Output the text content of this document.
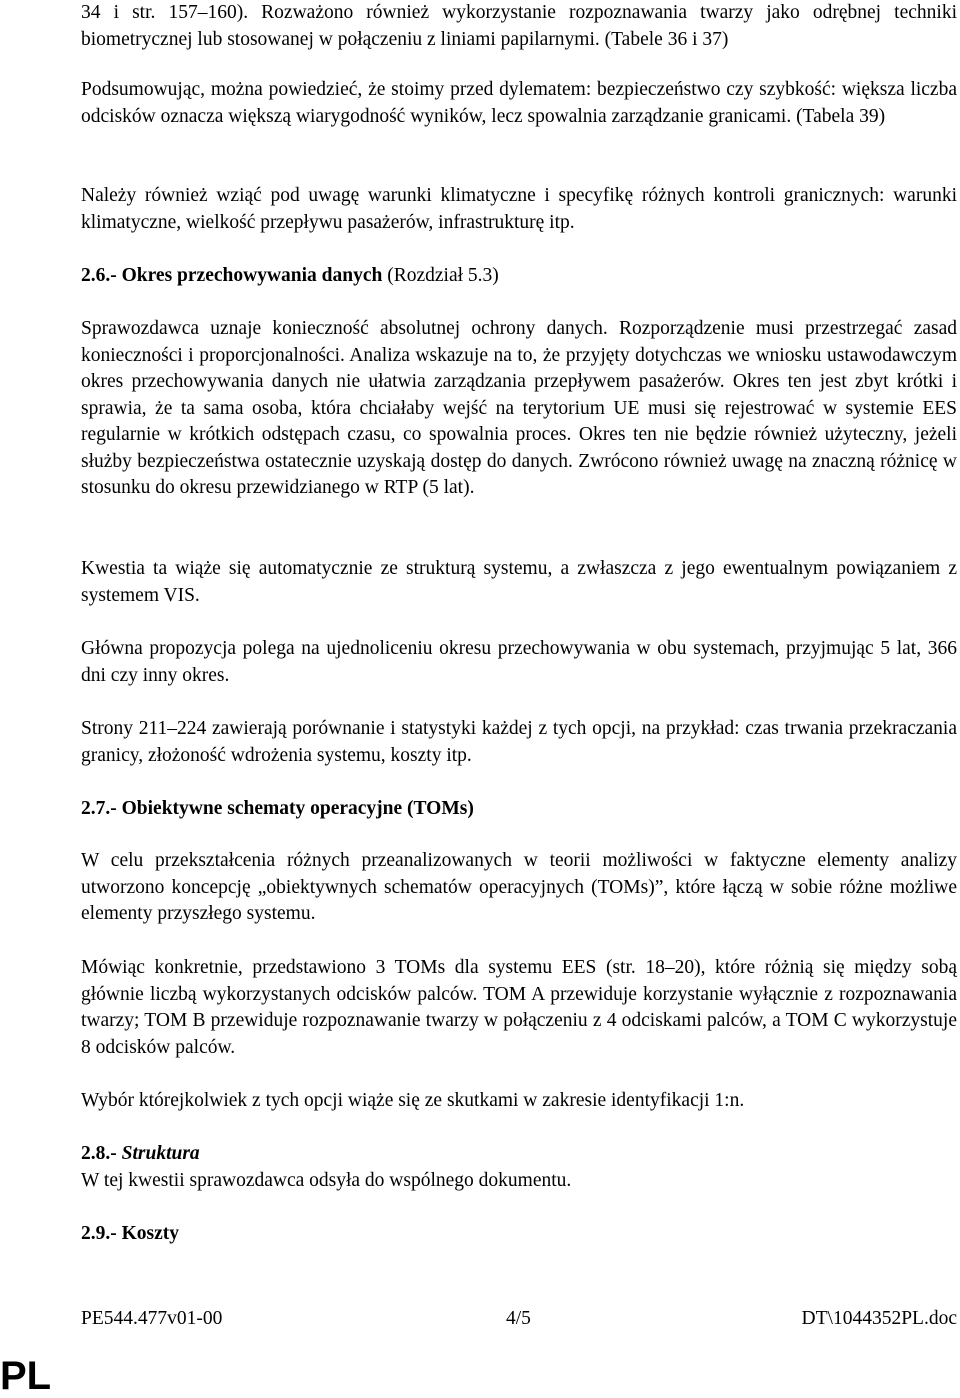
34 i str. 157–160). Rozważono również wykorzystanie rozpoznawania twarzy jako odrębnej techniki biometrycznej lub stosowanej w połączeniu z liniami papilarnymi. (Tabele 36 i 37)

Podsumowując, można powiedzieć, że stoimy przed dylematem: bezpieczeństwo czy szybkość: większa liczba odcisków oznacza większą wiarygodność wyników, lecz spowalnia zarządzanie granicami. (Tabela 39)

Należy również wziąć pod uwagę warunki klimatyczne i specyfikę różnych kontroli granicznych: warunki klimatyczne, wielkość przepływu pasażerów, infrastrukturę itp.

2.6.- Okres przechowywania danych (Rozdział 5.3)

Sprawozdawca uznaje konieczność absolutnej ochrony danych. Rozporządzenie musi przestrzegać zasad konieczności i proporcjonalności. Analiza wskazuje na to, że przyjęty dotychczas we wniosku ustawodawczym okres przechowywania danych nie ułatwia zarządzania przepływem pasażerów. Okres ten jest zbyt krótki i sprawia, że ta sama osoba, która chciałaby wejść na terytorium UE musi się rejestrować w systemie EES regularnie w krótkich odstępach czasu, co spowalnia proces. Okres ten nie będzie również użyteczny, jeżeli służby bezpieczeństwa ostatecznie uzyskają dostęp do danych. Zwrócono również uwagę na znaczną różnicę w stosunku do okresu przewidzianego w RTP (5 lat).

Kwestia ta wiąże się automatycznie ze strukturą systemu, a zwłaszcza z jego ewentualnym powiązaniem z systemem VIS.

Główna propozycja polega na ujednoliceniu okresu przechowywania w obu systemach, przyjmując 5 lat, 366 dni czy inny okres.

Strony 211–224 zawierają porównanie i statystyki każdej z tych opcji, na przykład: czas trwania przekraczania granicy, złożoność wdrożenia systemu, koszty itp.

2.7.- Obiektywne schematy operacyjne (TOMs)

W celu przekształcenia różnych przeanalizowanych w teorii możliwości w faktyczne elementy analizy utworzono koncepcję „obiektywnych schematów operacyjnych (TOMs)”, które łączą w sobie różne możliwe elementy przyszłego systemu.

Mówiąc konkretnie, przedstawiono 3 TOMs dla systemu EES (str. 18–20), które różnią się między sobą głównie liczbą wykorzystanych odcisków palców. TOM A przewiduje korzystanie wyłącznie z rozpoznawania twarzy; TOM B przewiduje rozpoznawanie twarzy w połączeniu z 4 odciskami palców, a TOM C wykorzystuje 8 odcisków palców.

Wybór którejkolwiek z tych opcji wiąże się ze skutkami w zakresie identyfikacji 1:n.

2.8.- Struktura

W tej kwestii sprawozdawca odsyła do wspólnego dokumentu.

2.9.- Koszty

PE544.477v01-00	4/5	DT\1044352PL.doc
PL
